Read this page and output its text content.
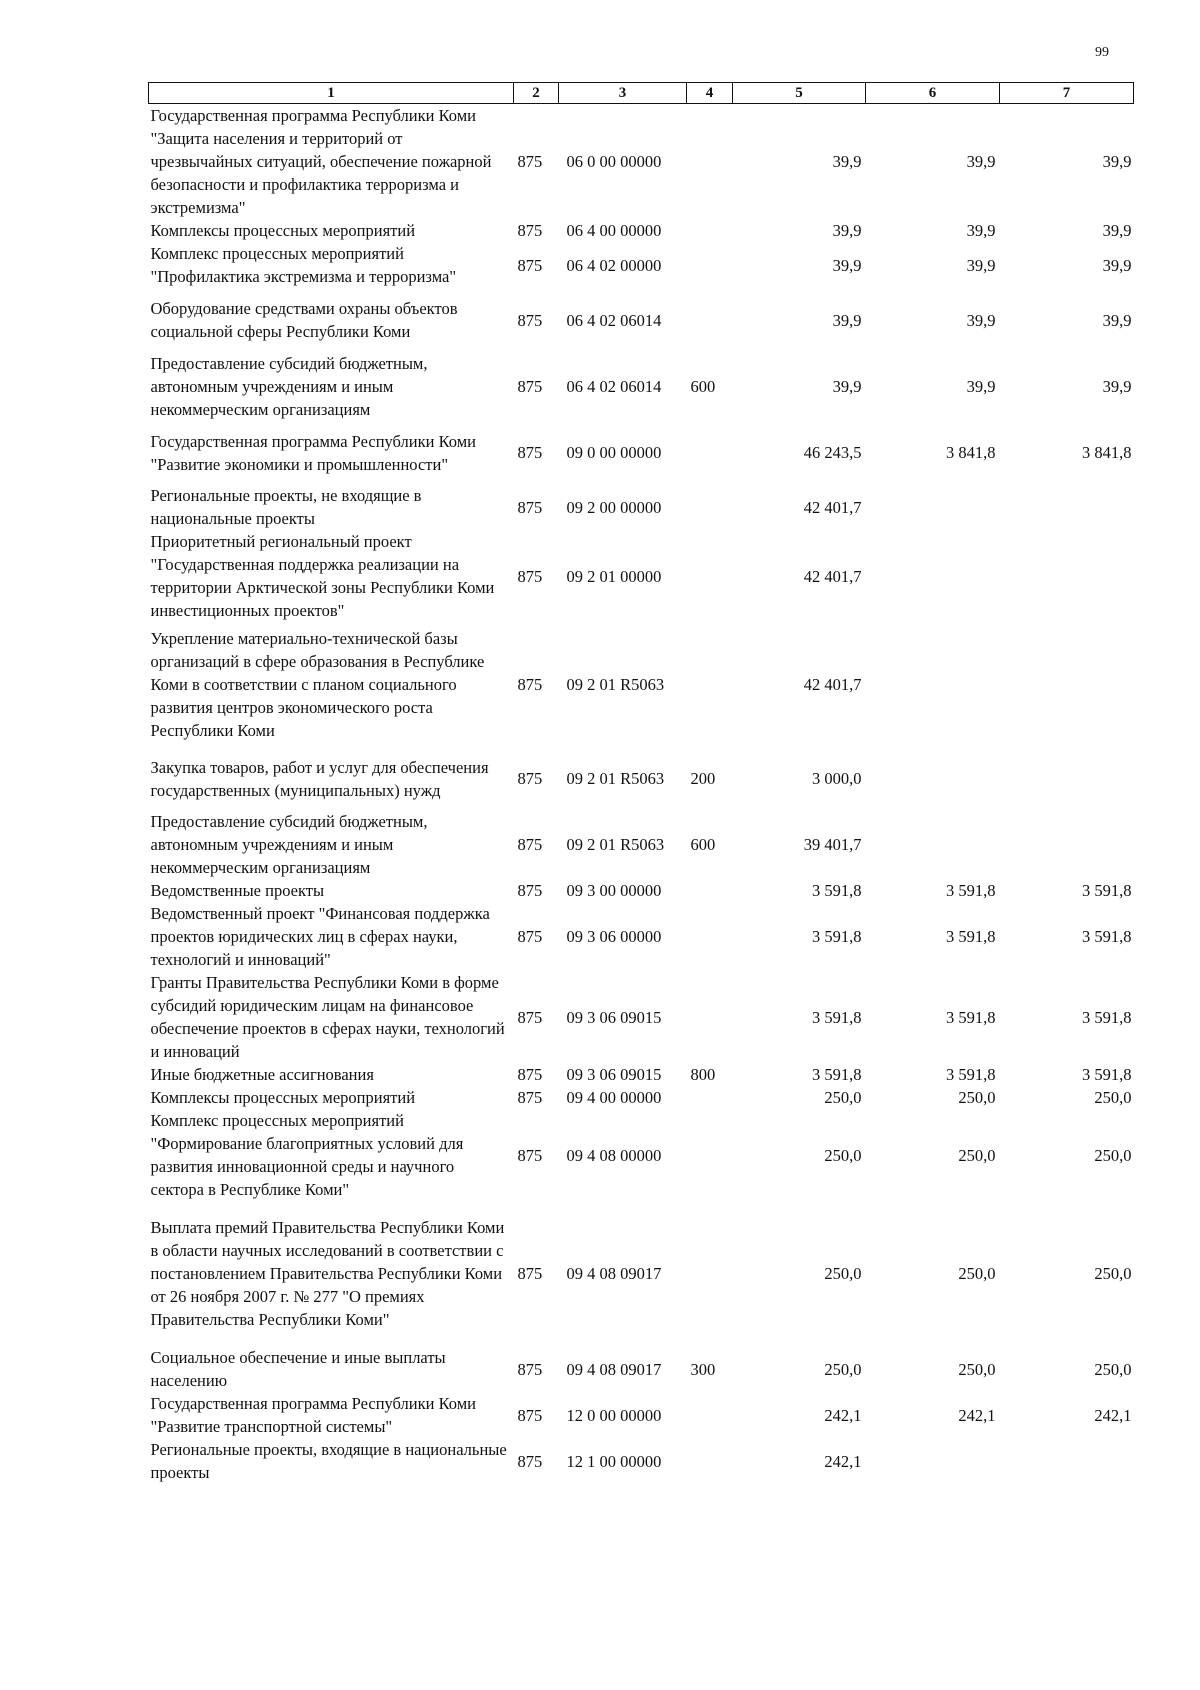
99
1	2	3	4	5	6	7
Государственная программа Республики Коми "Защита населения и территорий от чрезвычайных ситуаций, обеспечение пожарной безопасности и профилактика терроризма и экстремизма"	875	06 0 00 00000		39,9	39,9	39,9
Комплексы процессных мероприятий	875	06 4 00 00000		39,9	39,9	39,9
Комплекс процессных мероприятий "Профилактика экстремизма и терроризма"	875	06 4 02 00000		39,9	39,9	39,9
Оборудование средствами охраны объектов социальной сферы Республики Коми	875	06 4 02 06014		39,9	39,9	39,9
Предоставление субсидий бюджетным, автономным учреждениям и иным некоммерческим организациям	875	06 4 02 06014	600	39,9	39,9	39,9
Государственная программа Республики Коми "Развитие экономики и промышленности"	875	09 0 00 00000		46 243,5	3 841,8	3 841,8
Региональные проекты, не входящие в национальные проекты	875	09 2 00 00000		42 401,7		
Приоритетный региональный проект "Государственная поддержка реализации на территории Арктической зоны Республики Коми инвестиционных проектов"	875	09 2 01 00000		42 401,7		
Укрепление материально-технической базы организаций в сфере образования в Республике Коми в соответствии с планом социального развития центров экономического роста Республики Коми	875	09 2 01 R5063		42 401,7		
Закупка товаров, работ и услуг для обеспечения государственных (муниципальных) нужд	875	09 2 01 R5063	200	3 000,0		
Предоставление субсидий бюджетным, автономным учреждениям и иным некоммерческим организациям	875	09 2 01 R5063	600	39 401,7		
Ведомственные проекты	875	09 3 00 00000		3 591,8	3 591,8	3 591,8
Ведомственный проект "Финансовая поддержка проектов юридических лиц в сферах науки, технологий и инноваций"	875	09 3 06 00000		3 591,8	3 591,8	3 591,8
Гранты Правительства Республики Коми в форме субсидий юридическим лицам на финансовое обеспечение проектов в сферах науки, технологий и инноваций	875	09 3 06 09015		3 591,8	3 591,8	3 591,8
Иные бюджетные ассигнования	875	09 3 06 09015	800	3 591,8	3 591,8	3 591,8
Комплексы процессных мероприятий	875	09 4 00 00000		250,0	250,0	250,0
Комплекс процессных мероприятий "Формирование благоприятных условий для развития инновационной среды и научного сектора в Республике Коми"	875	09 4 08 00000		250,0	250,0	250,0
Выплата премий Правительства Республики Коми в области научных исследований в соответствии с постановлением Правительства Республики Коми от 26 ноября 2007 г. № 277 "О премиях Правительства Республики Коми"	875	09 4 08 09017		250,0	250,0	250,0
Социальное обеспечение и иные выплаты населению	875	09 4 08 09017	300	250,0	250,0	250,0
Государственная программа Республики Коми "Развитие транспортной системы"	875	12 0 00 00000		242,1	242,1	242,1
Региональные проекты, входящие в национальные проекты	875	12 1 00 00000		242,1		
